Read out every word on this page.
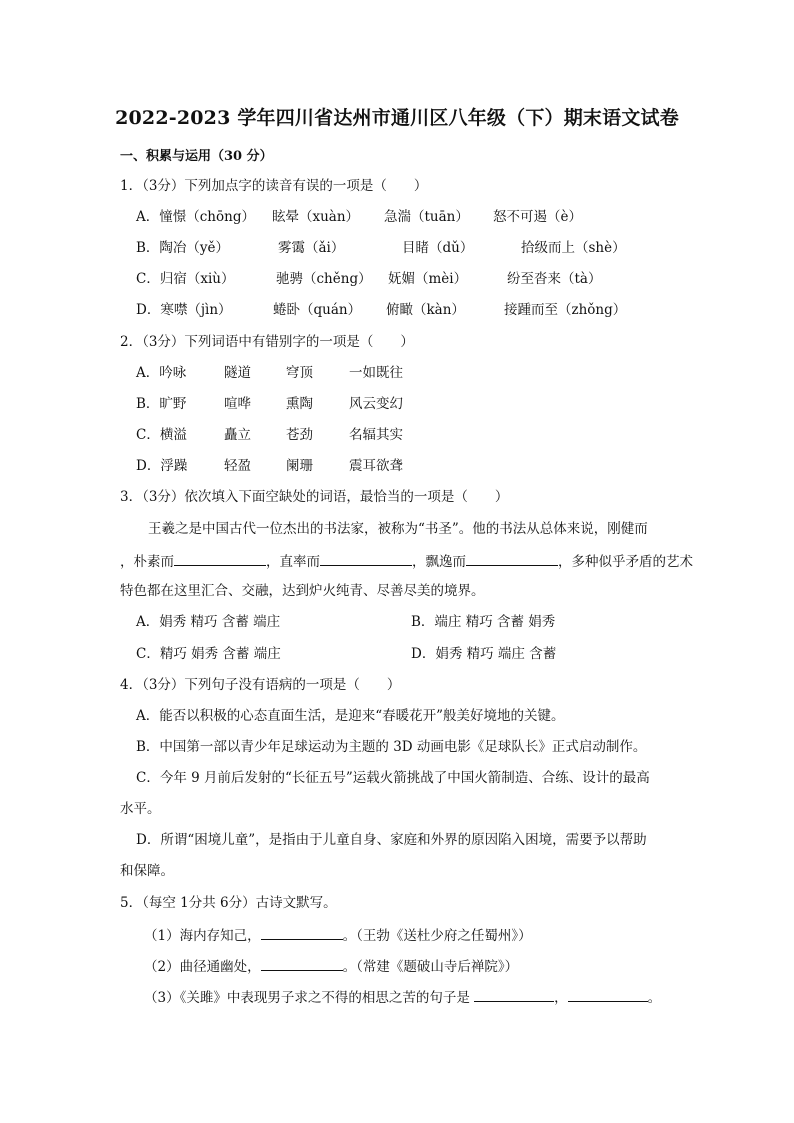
2022-2023 学年四川省达州市通川区八年级（下）期末语文试卷
一、积累与运用（30 分）
1．（3分）下列加点字的读音有误的一项是（　　）
A．憧憬（chōng） 眩晕（xuàn） 急湍（tuān） 怒不可遏（è）
B．陶冶（yě）	雾霭（ǎi）	目睹（dǔ）	拾级而上（shè）
C．归宿（xiù）	驰骋（chěng） 妩媚（mèi）	纷至沓来（tà）
D．寒噤（jìn）	蜷卧（quán） 俯瞰（kàn）	接踵而至（zhǒng）
2．（3分）下列词语中有错别字的一项是（　　）
A．吟咏	隧道	穹顶	一如既往
B．旷野	喧哗	熏陶	风云变幻
C．横溢	矗立	苍劲	名辐其实
D．浮躁	轻盈	阑珊	震耳欲聋
3．（3分）依次填入下面空缺处的词语，最恰当的一项是（　　）
王羲之是中国古代一位杰出的书法家，被称为“书圣”。他的书法从总体来说，刚健而
，朴素而	，直率而	，飘逸而	，多种似乎矛盾的艺术
特色都在这里汇合、交融，达到炉火纯青、尽善尽美的境界。
A．娟秀 精巧 含蓄 端庄	B．端庄 精巧 含蓄 娟秀
C．精巧 娟秀 含蓄 端庄	D．娟秀 精巧 端庄 含蓄
4．（3分）下列句子没有语病的一项是（　　）
A．能否以积极的心态直面生活，是迎来“春暖花开”般美好境地的关键。
B．中国第一部以青少年足球运动为主题的 3D 动画电影《足球队长》正式启动制作。
C．今年 9 月前后发射的“长征五号”运载火箭挑战了中国火箭制造、合练、设计的最高
水平。
D．所谓“困境儿童”，是指由于儿童自身、家庭和外界的原因陷入困境，需要予以帮助
和保障。
5．（每空 1分共 6分）古诗文默写。
（1）海内存知己，	。（王勃《送杜少府之任蜀州》）
（2）曲径通幽处，	。（常建《题破山寺后禅院》）
（3）《关雎》中表现男子求之不得的相思之苦的句子是	，	。
